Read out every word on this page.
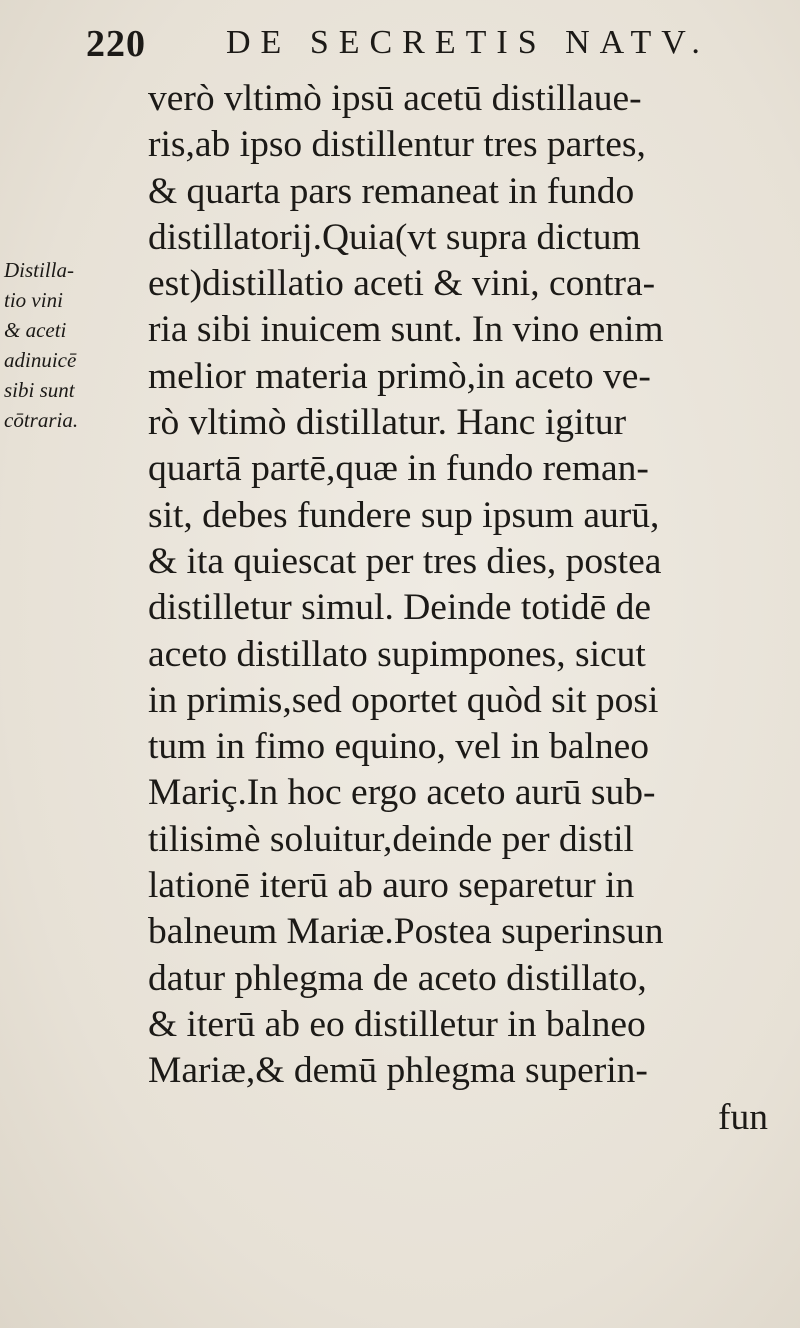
220 DE SECRETIS NATV.
Distilla-
tio vini
& aceti
adinuicē
sibi sunt
cōtraria.
verò vltimò ipsū acetū distillaue-
ris,ab ipso distillentur tres partes,
& quarta pars remaneat in fundo
distillatorij.Quia(vt supra dictum
est)distillatio aceti & vini, contra-
ria sibi inuicem sunt. In vino enim
melior materia primò,in aceto ve-
rò vltimò distillatur. Hanc igitur
quartā partē,quæ in fundo reman-
sit, debes fundere sup ipsum aurū,
& ita quiescat per tres dies, postea
distilletur simul. Deinde totidē de
aceto distillato supimpones, sicut
in primis,sed oportet quòd sit posi
tum in fimo equino, vel in balneo
Mariç.In hoc ergo aceto aurū sub-
tilisimè soluitur,deinde per distil
lationē iterū ab auro separetur in
balneum Mariæ.Postea superinsun
datur phlegma de aceto distillato,
& iterū ab eo distilletur in balneo
Mariæ,& demū phlegma superin-
fun
